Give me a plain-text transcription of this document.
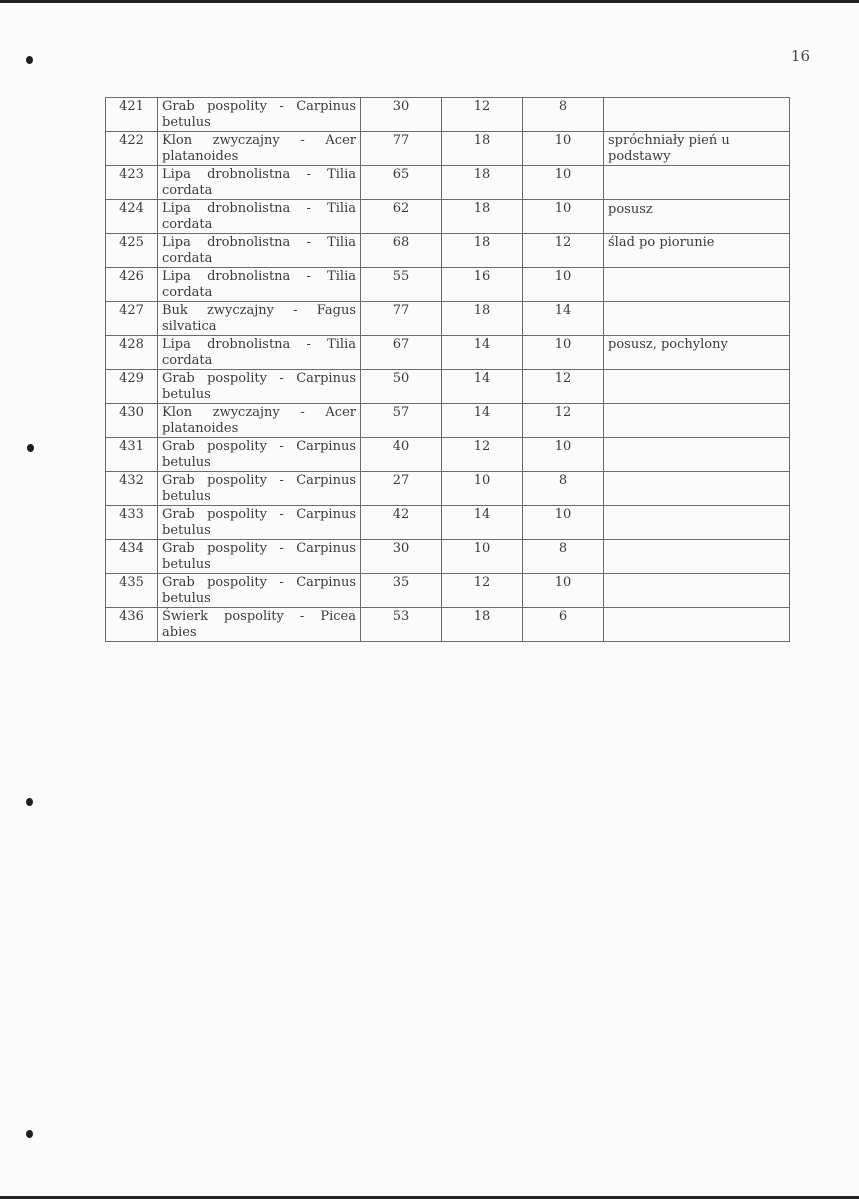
16
421	Grab pospolity - Carpinus betulus	30	12	8	
422	Klon zwyczajny - Acer platanoides	77	18	10	spróchniały pień u podstawy
423	Lipa drobnolistna - Tilia cordata	65	18	10	
424	Lipa drobnolistna - Tilia cordata	62	18	10	posusz
425	Lipa drobnolistna - Tilia cordata	68	18	12	ślad po piorunie
426	Lipa drobnolistna - Tilia cordata	55	16	10	
427	Buk zwyczajny - Fagus silvatica	77	18	14	
428	Lipa drobnolistna - Tilia cordata	67	14	10	posusz, pochylony
429	Grab pospolity - Carpinus betulus	50	14	12	
430	Klon zwyczajny - Acer platanoides	57	14	12	
431	Grab pospolity - Carpinus betulus	40	12	10	
432	Grab pospolity - Carpinus betulus	27	10	8	
433	Grab pospolity - Carpinus betulus	42	14	10	
434	Grab pospolity - Carpinus betulus	30	10	8	
435	Grab pospolity - Carpinus betulus	35	12	10	
436	Świerk pospolity - Picea abies	53	18	6	
